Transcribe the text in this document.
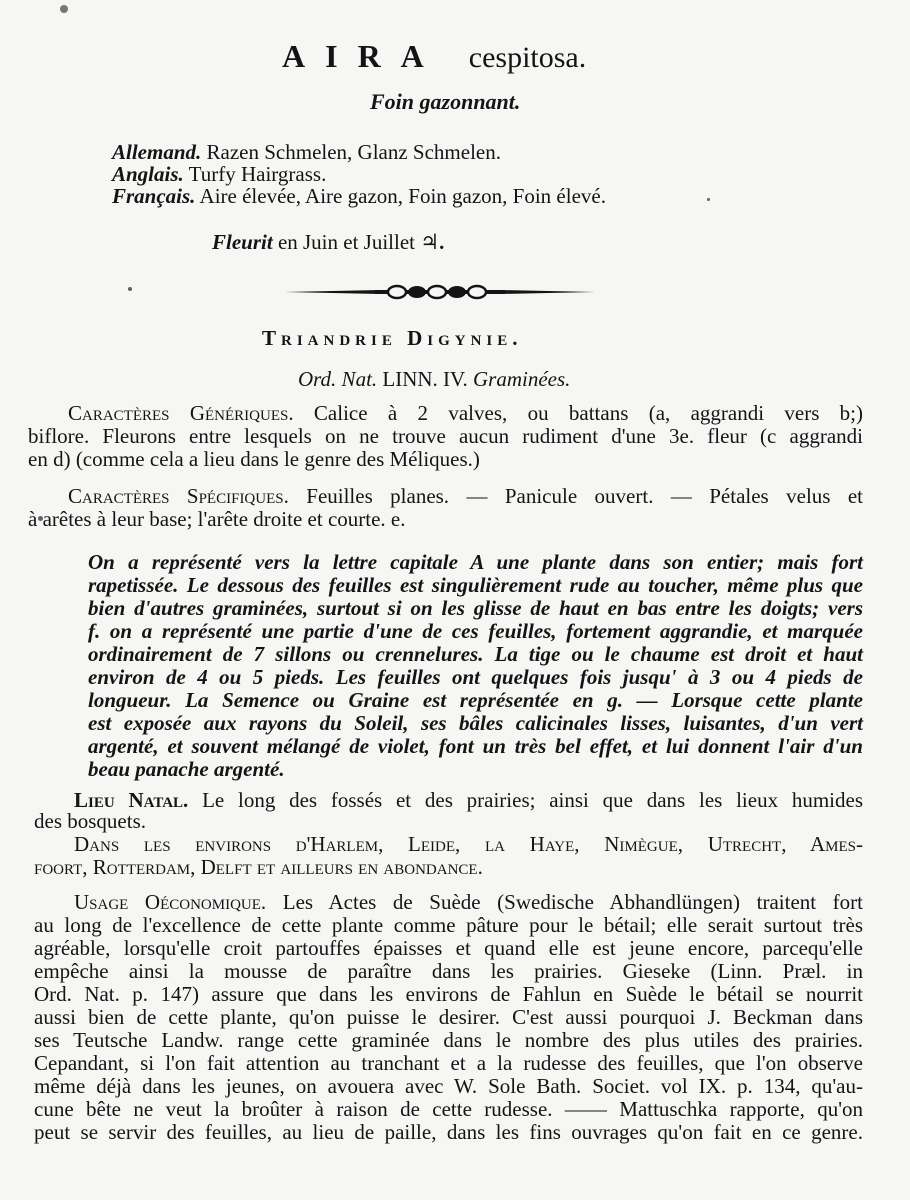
AIRA cespitosa.
Foin gazonnant.
Allemand. Razen Schmelen, Glanz Schmelen.
Anglais. Turfy Hairgrass.
Français. Aire élevée, Aire gazon, Foin gazon, Foin élevé.
Fleurit en Juin et Juillet ♃.
Triandrie Digynie.
Ord. Nat. LINN. IV. Graminées.
Caractères Génériques. Calice à 2 valves, ou battans (a, aggrandi vers b;)
biflore. Fleurons entre lesquels on ne trouve aucun rudiment d'une 3e. fleur (c aggrandi
en d) (comme cela a lieu dans le genre des Méliques.)
Caractères Spécifiques. Feuilles planes. — Panicule ouvert. — Pétales velus et
à arêtes à leur base; l'arête droite et courte. e.
On a représenté vers la lettre capitale A une plante dans son entier; mais fort
rapetissée. Le dessous des feuilles est singulièrement rude au toucher, même plus que
bien d'autres graminées, surtout si on les glisse de haut en bas entre les doigts; vers
f. on a représenté une partie d'une de ces feuilles, fortement aggrandie, et marquée
ordinairement de 7 sillons ou crennelures. La tige ou le chaume est droit et haut
environ de 4 ou 5 pieds. Les feuilles ont quelques fois jusqu' à 3 ou 4 pieds de
longueur. La Semence ou Graine est représentée en g. — Lorsque cette plante
est exposée aux rayons du Soleil, ses bâles calicinales lisses, luisantes, d'un vert
argenté, et souvent mélangé de violet, font un très bel effet, et lui donnent l'air d'un
beau panache argenté.
Lieu Natal. Le long des fossés et des prairies; ainsi que dans les lieux humides
des bosquets.
Dans les environs d'Harlem, Leide, la Haye, Nimègue, Utrecht, Ames-
foort, Rotterdam, Delft et ailleurs en abondance.
Usage Oéconomique. Les Actes de Suède (Swedische Abhandlüngen) traitent fort
au long de l'excellence de cette plante comme pâture pour le bétail; elle serait surtout très
agréable, lorsqu'elle croit partouffes épaisses et quand elle est jeune encore, parcequ'elle
empêche ainsi la mousse de paraître dans les prairies. Gieseke (Linn. Præl. in
Ord. Nat. p. 147) assure que dans les environs de Fahlun en Suède le bétail se nourrit
aussi bien de cette plante, qu'on puisse le desirer. C'est aussi pourquoi J. Beckman dans
ses Teutsche Landw. range cette graminée dans le nombre des plus utiles des prairies.
Cepandant, si l'on fait attention au tranchant et a la rudesse des feuilles, que l'on observe
même déjà dans les jeunes, on avouera avec W. Sole Bath. Societ. vol IX. p. 134, qu'au-
cune bête ne veut la broûter à raison de cette rudesse. —— Mattuschka rapporte, qu'on
peut se servir des feuilles, au lieu de paille, dans les fins ouvrages qu'on fait en ce genre.
